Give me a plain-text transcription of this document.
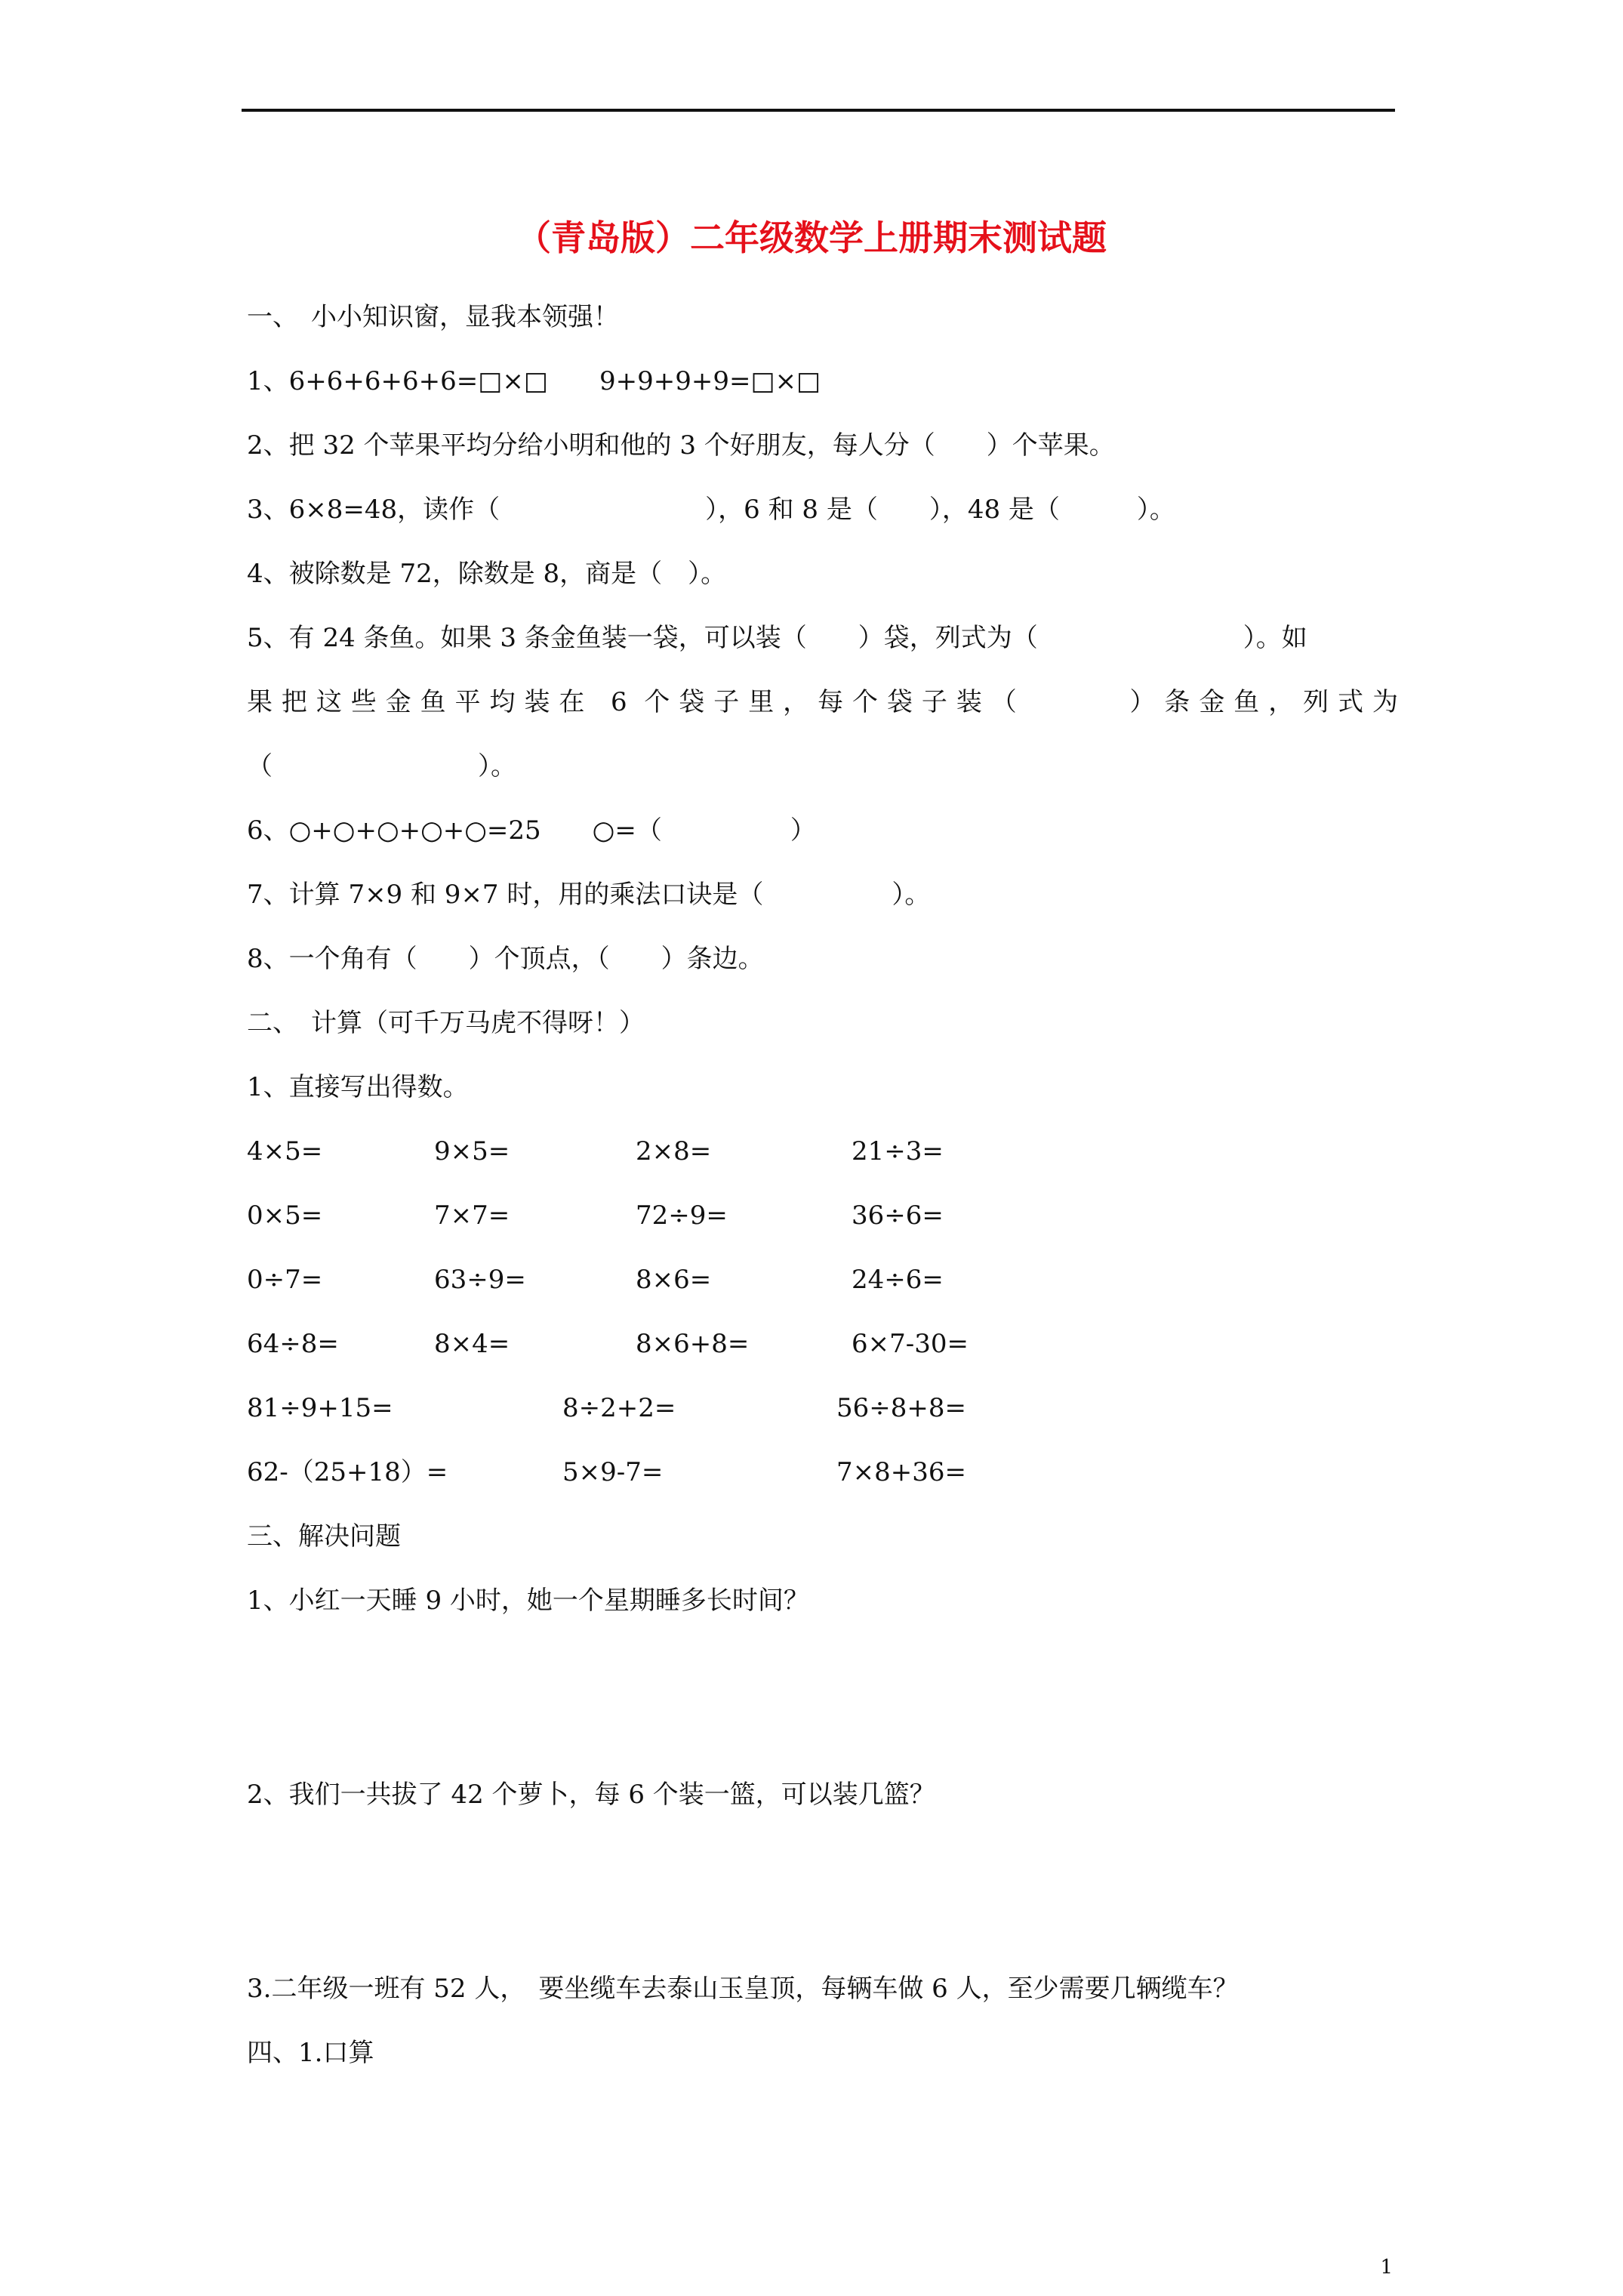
（青岛版）二年级数学上册期末测试题
一、　小小知识窗，显我本领强！
1、6+6+6+6+6=□×□　　9+9+9+9=□×□
2、把 32 个苹果平均分给小明和他的 3 个好朋友，每人分（　　）个苹果。
3、6×8=48，读作（　　　　　　　　），6 和 8 是（　　），48 是（　　　）。
4、被除数是 72，除数是 8，商是（　）。
5、有 24 条鱼。如果 3 条金鱼装一袋，可以装（　　）袋，列式为（　　　　　　　　）。如
果把这些金鱼平均装在 6 个袋子里，每个袋子装（　　　）条金鱼，列式为
（　　　　　　　　）。
6、○+○+○+○+○=25　　○=（　　　　　）
7、计算 7×9 和 9×7 时，用的乘法口诀是（　　　　　）。
8、一个角有（　　）个顶点，（　　）条边。
二、　计算（可千万马虎不得呀！）
1、直接写出得数。
4×5=	9×5=	2×8=	21÷3=
0×5=	7×7=	72÷9=	36÷6=
0÷7=	63÷9=	8×6=	24÷6=
64÷8=	8×4=	8×6+8=	6×7-30=
81÷9+15=	8÷2+2=	56÷8+8=
62-（25+18）=	5×9-7=	7×8+36=
三、解决问题
1、小红一天睡 9 小时，她一个星期睡多长时间？
2、我们一共拔了 42 个萝卜，每 6 个装一篮，可以装几篮？
3.二年级一班有 52 人，　要坐缆车去泰山玉皇顶，每辆车做 6 人，至少需要几辆缆车？
四、1.口算
1
